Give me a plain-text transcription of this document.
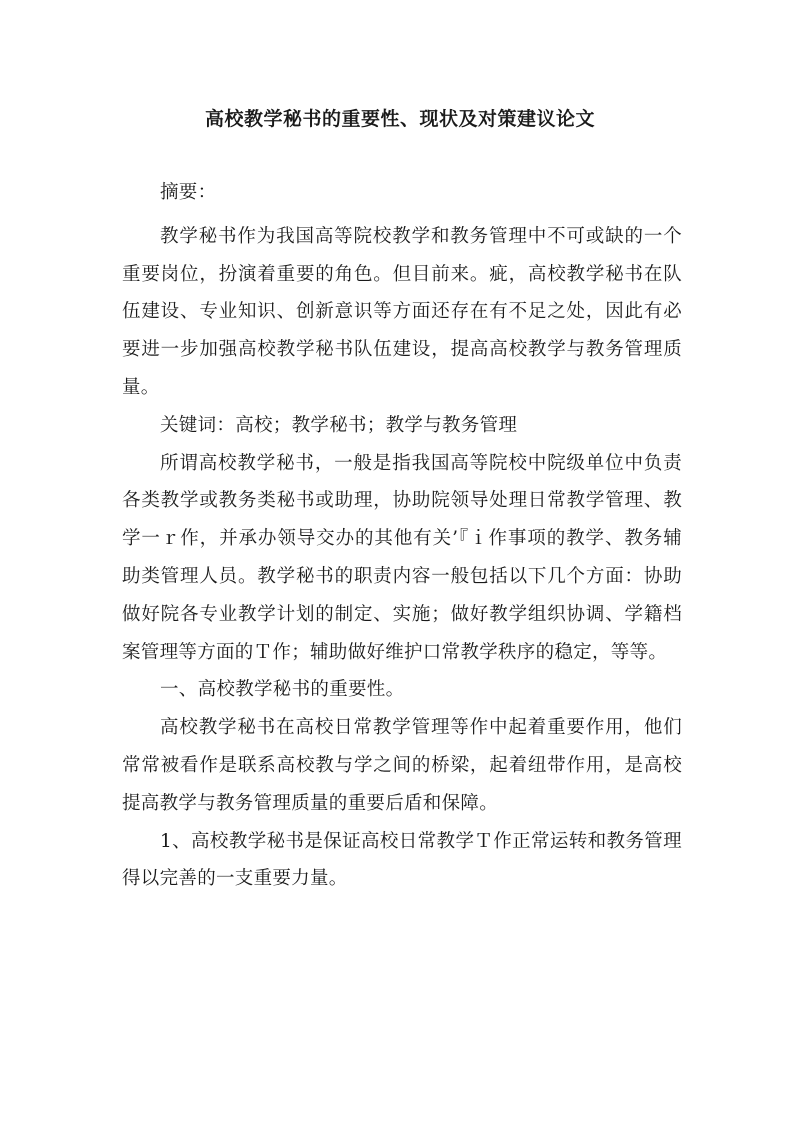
高校教学秘书的重要性、现状及对策建议论文

摘要：

教学秘书作为我国高等院校教学和教务管理中不可或缺的一个重要岗位，扮演着重要的角色。但目前来。疵，高校教学秘书在队伍建设、专业知识、创新意识等方面还存在有不足之处，因此有必要进一步加强高校教学秘书队伍建设，提高高校教学与教务管理质量。

关键词：高校；教学秘书；教学与教务管理

所谓高校教学秘书，一般是指我国高等院校中院级单位中负责各类教学或教务类秘书或助理，协助院领导处理日常教学管理、教学一ｒ作，并承办领导交办的其他有关’『ｉ作事项的教学、教务辅助类管理人员。教学秘书的职责内容一般包括以下几个方面：协助做好院各专业教学计划的制定、实施；做好教学组织协调、学籍档案管理等方面的Ｔ作；辅助做好维护口常教学秩序的稳定，等等。

一、高校教学秘书的重要性。

高校教学秘书在高校日常教学管理等作中起着重要作用，他们常常被看作是联系高校教与学之间的桥梁，起着纽带作用，是高校提高教学与教务管理质量的重要后盾和保障。

1、高校教学秘书是保证高校日常教学Ｔ作正常运转和教务管理得以完善的一支重要力量。
